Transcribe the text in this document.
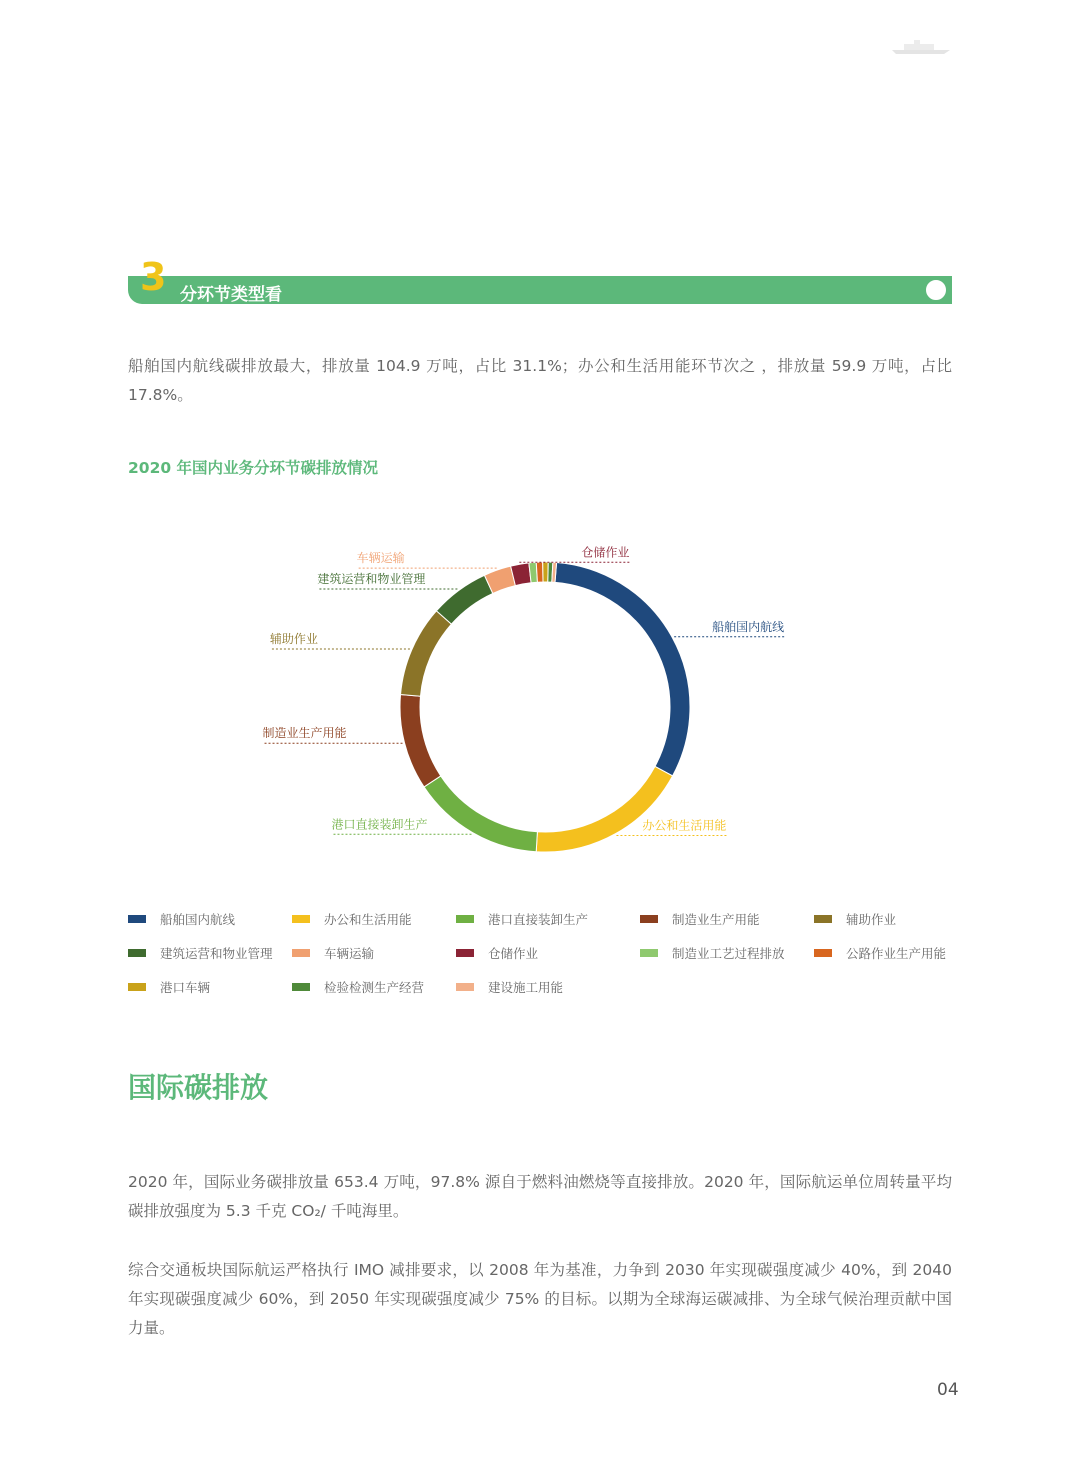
3 分环节类型看
船舶国内航线碳排放最大，排放量 104.9 万吨，占比 31.1%；办公和生活用能环节次之 ，排放量 59.9 万吨，占比 17.8%。
2020 年国内业务分环节碳排放情况
船舶国内航线
办公和生活用能
港口直接装卸生产
制造业生产用能
辅助作业
建筑运营和物业管理
车辆运输	仓储作业
船舶国内航线	办公和生活用能	港口直接装卸生产	制造业生产用能	辅助作业
建筑运营和物业管理	车辆运输	仓储作业	制造业工艺过程排放	公路作业生产用能
港口车辆	检验检测生产经营	建设施工用能
国际碳排放
2020 年，国际业务碳排放量 653.4 万吨，97.8% 源自于燃料油燃烧等直接排放。2020 年，国际航运单位周转量平均碳排放强度为 5.3 千克 CO₂/ 千吨海里。
综合交通板块国际航运严格执行 IMO 减排要求，以 2008 年为基准，力争到 2030 年实现碳强度减少 40%，到 2040 年实现碳强度减少 60%，到 2050 年实现碳强度减少 75% 的目标。以期为全球海运碳减排、为全球气候治理贡献中国力量。
04
